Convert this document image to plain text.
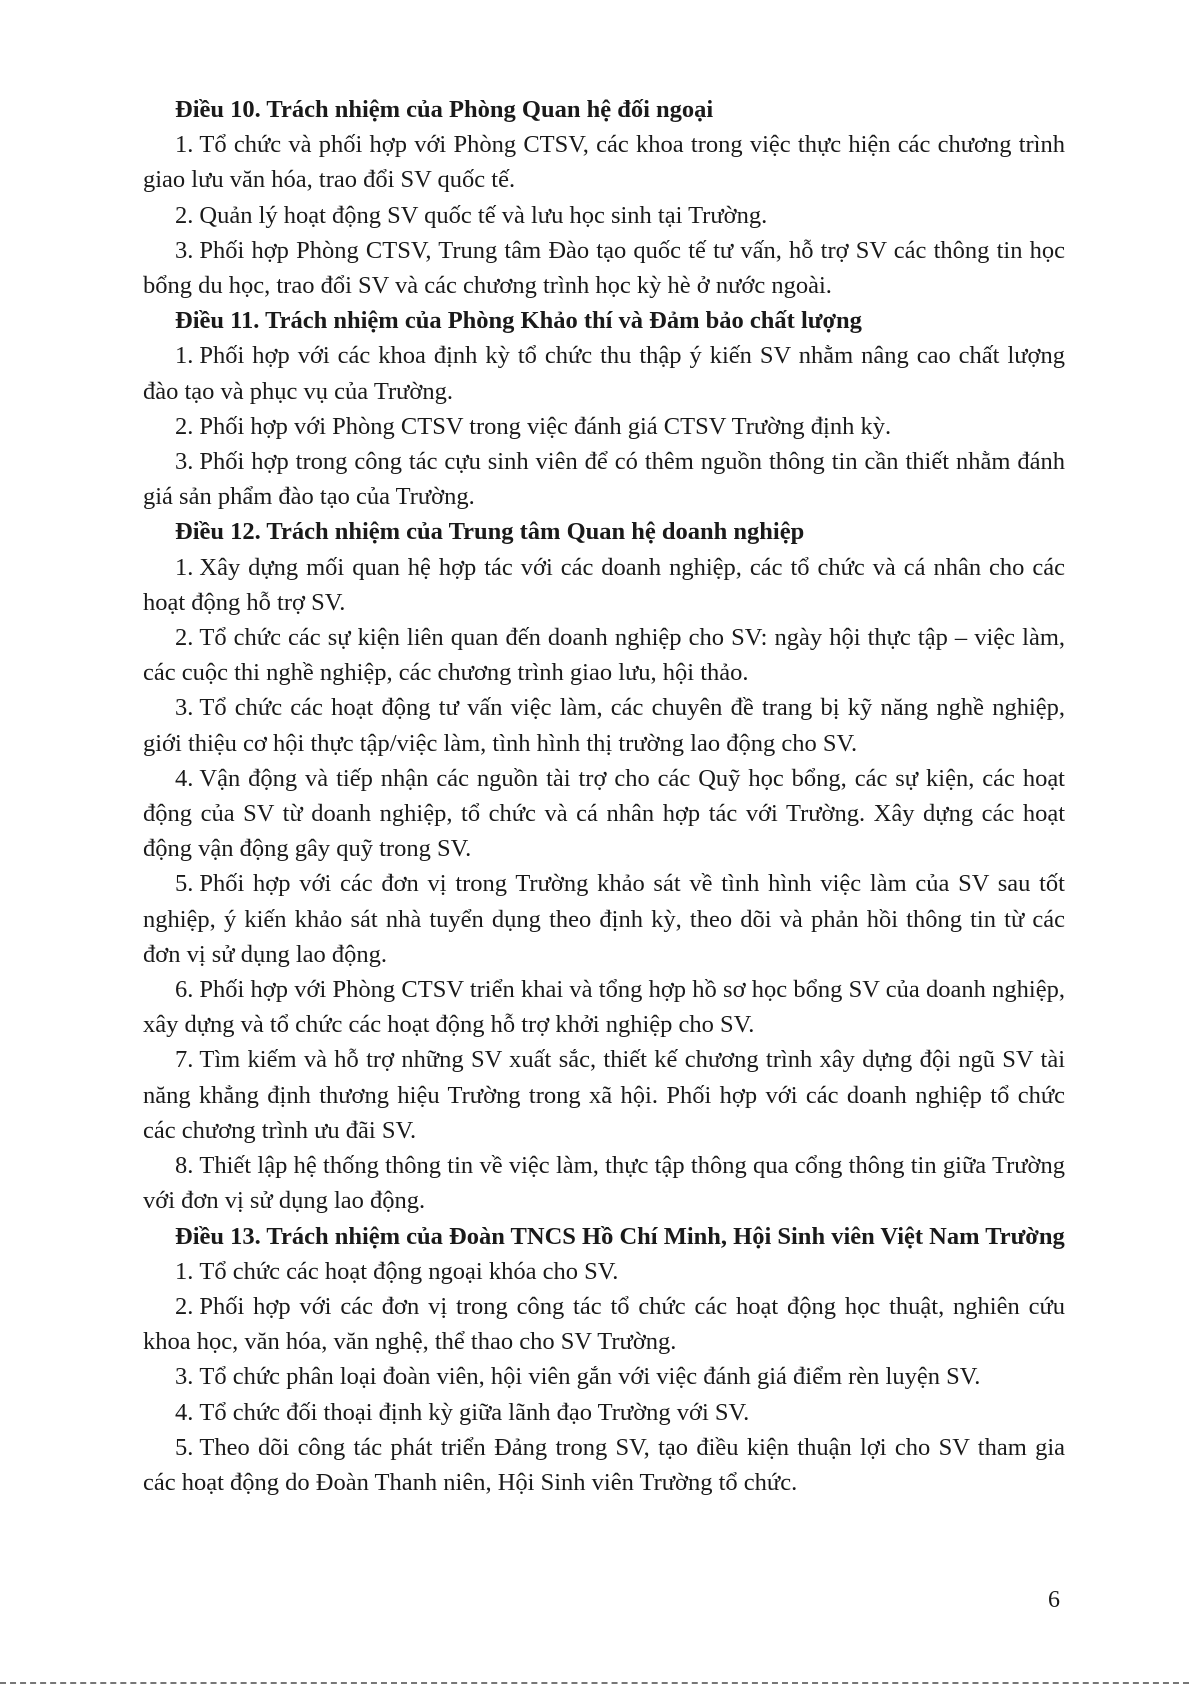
Điều 10. Trách nhiệm của Phòng Quan hệ đối ngoại

1. Tổ chức và phối hợp với Phòng CTSV, các khoa trong việc thực hiện các chương trình giao lưu văn hóa, trao đổi SV quốc tế.

2. Quản lý hoạt động SV quốc tế và lưu học sinh tại Trường.

3. Phối hợp Phòng CTSV, Trung tâm Đào tạo quốc tế tư vấn, hỗ trợ SV các thông tin học bổng du học, trao đổi SV và các chương trình học kỳ hè ở nước ngoài.

Điều 11. Trách nhiệm của Phòng Khảo thí và Đảm bảo chất lượng

1. Phối hợp với các khoa định kỳ tổ chức thu thập ý kiến SV nhằm nâng cao chất lượng đào tạo và phục vụ của Trường.

2. Phối hợp với Phòng CTSV trong việc đánh giá CTSV Trường định kỳ.

3. Phối hợp trong công tác cựu sinh viên để có thêm nguồn thông tin cần thiết nhằm đánh giá sản phẩm đào tạo của Trường.

Điều 12. Trách nhiệm của Trung tâm Quan hệ doanh nghiệp

1. Xây dựng mối quan hệ hợp tác với các doanh nghiệp, các tổ chức và cá nhân cho các hoạt động hỗ trợ SV.

2. Tổ chức các sự kiện liên quan đến doanh nghiệp cho SV: ngày hội thực tập – việc làm, các cuộc thi nghề nghiệp, các chương trình giao lưu, hội thảo.

3. Tổ chức các hoạt động tư vấn việc làm, các chuyên đề trang bị kỹ năng nghề nghiệp, giới thiệu cơ hội thực tập/việc làm, tình hình thị trường lao động cho SV.

4. Vận động và tiếp nhận các nguồn tài trợ cho các Quỹ học bổng, các sự kiện, các hoạt động của SV từ doanh nghiệp, tổ chức và cá nhân hợp tác với Trường. Xây dựng các hoạt động vận động gây quỹ trong SV.

5. Phối hợp với các đơn vị trong Trường khảo sát về tình hình việc làm của SV sau tốt nghiệp, ý kiến khảo sát nhà tuyển dụng theo định kỳ, theo dõi và phản hồi thông tin từ các đơn vị sử dụng lao động.

6. Phối hợp với Phòng CTSV triển khai và tổng hợp hồ sơ học bổng SV của doanh nghiệp, xây dựng và tổ chức các hoạt động hỗ trợ khởi nghiệp cho SV.

7. Tìm kiếm và hỗ trợ những SV xuất sắc, thiết kế chương trình xây dựng đội ngũ SV tài năng khẳng định thương hiệu Trường trong xã hội. Phối hợp với các doanh nghiệp tổ chức các chương trình ưu đãi SV.

8. Thiết lập hệ thống thông tin về việc làm, thực tập thông qua cổng thông tin giữa Trường với đơn vị sử dụng lao động.

Điều 13. Trách nhiệm của Đoàn TNCS Hồ Chí Minh, Hội Sinh viên Việt Nam Trường

1. Tổ chức các hoạt động ngoại khóa cho SV.

2. Phối hợp với các đơn vị trong công tác tổ chức các hoạt động học thuật, nghiên cứu khoa học, văn hóa, văn nghệ, thể thao cho SV Trường.

3. Tổ chức phân loại đoàn viên, hội viên gắn với việc đánh giá điểm rèn luyện SV.

4. Tổ chức đối thoại định kỳ giữa lãnh đạo Trường với SV.

5. Theo dõi công tác phát triển Đảng trong SV, tạo điều kiện thuận lợi cho SV tham gia các hoạt động do Đoàn Thanh niên, Hội Sinh viên Trường tổ chức.

6
